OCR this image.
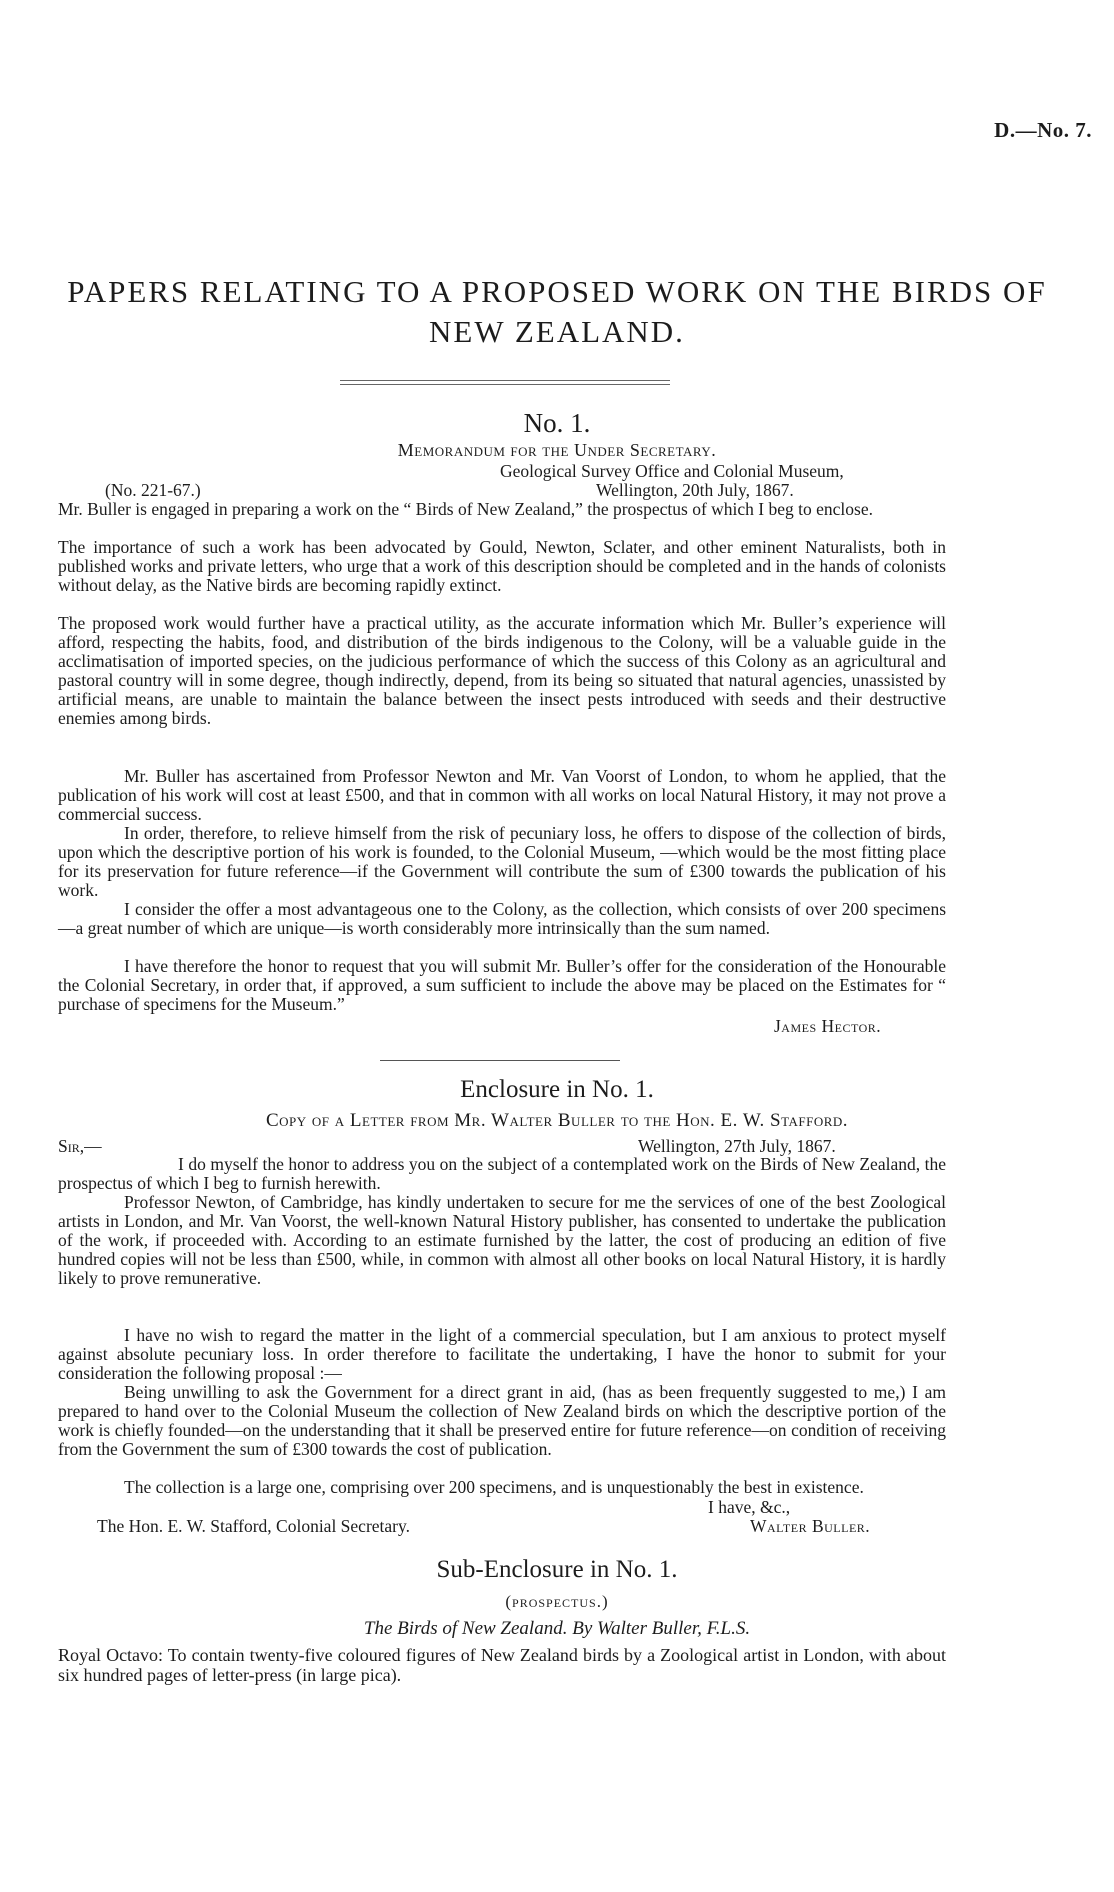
D.—No. 7.
PAPERS RELATING TO A PROPOSED WORK ON THE BIRDS OF
NEW ZEALAND.
No. 1.
Memorandum for the Under Secretary.
Geological Survey Office and Colonial Museum,
(No. 221-67.)	Wellington, 20th July, 1867.
Mr. Buller is engaged in preparing a work on the “ Birds of New Zealand,” the prospectus of which I beg to enclose.
The importance of such a work has been advocated by Gould, Newton, Sclater, and other eminent Naturalists, both in published works and private letters, who urge that a work of this description should be completed and in the hands of colonists without delay, as the Native birds are becoming rapidly extinct.
The proposed work would further have a practical utility, as the accurate information which Mr. Buller’s experience will afford, respecting the habits, food, and distribution of the birds indigenous to the Colony, will be a valuable guide in the acclimatisation of imported species, on the judicious performance of which the success of this Colony as an agricultural and pastoral country will in some degree, though indirectly, depend, from its being so situated that natural agencies, unassisted by artificial means, are unable to maintain the balance between the insect pests introduced with seeds and their destructive enemies among birds.
Mr. Buller has ascertained from Professor Newton and Mr. Van Voorst of London, to whom he applied, that the publication of his work will cost at least £500, and that in common with all works on local Natural History, it may not prove a commercial success.
In order, therefore, to relieve himself from the risk of pecuniary loss, he offers to dispose of the collection of birds, upon which the descriptive portion of his work is founded, to the Colonial Museum, —which would be the most fitting place for its preservation for future reference—if the Government will contribute the sum of £300 towards the publication of his work.
I consider the offer a most advantageous one to the Colony, as the collection, which consists of over 200 specimens—a great number of which are unique—is worth considerably more intrinsically than the sum named.
I have therefore the honor to request that you will submit Mr. Buller’s offer for the consideration of the Honourable the Colonial Secretary, in order that, if approved, a sum sufficient to include the above may be placed on the Estimates for “ purchase of specimens for the Museum.”
James Hector.
Enclosure in No. 1.
Copy of a Letter from Mr. Walter Buller to the Hon. E. W. Stafford.
Sir,—	Wellington, 27th July, 1867.
I do myself the honor to address you on the subject of a contemplated work on the Birds of New Zealand, the prospectus of which I beg to furnish herewith.
Professor Newton, of Cambridge, has kindly undertaken to secure for me the services of one of the best Zoological artists in London, and Mr. Van Voorst, the well-known Natural History publisher, has consented to undertake the publication of the work, if proceeded with. According to an estimate furnished by the latter, the cost of producing an edition of five hundred copies will not be less than £500, while, in common with almost all other books on local Natural History, it is hardly likely to prove remunerative.
I have no wish to regard the matter in the light of a commercial speculation, but I am anxious to protect myself against absolute pecuniary loss. In order therefore to facilitate the undertaking, I have the honor to submit for your consideration the following proposal :—
Being unwilling to ask the Government for a direct grant in aid, (has as been frequently suggested to me,) I am prepared to hand over to the Colonial Museum the collection of New Zealand birds on which the descriptive portion of the work is chiefly founded—on the understanding that it shall be preserved entire for future reference—on condition of receiving from the Government the sum of £300 towards the cost of publication.
The collection is a large one, comprising over 200 specimens, and is unquestionably the best in existence.
I have, &c.,
The Hon. E. W. Stafford, Colonial Secretary.	Walter Buller.
Sub-Enclosure in No. 1.
(prospectus.)
The Birds of New Zealand. By Walter Buller, F.L.S.
Royal Octavo: To contain twenty-five coloured figures of New Zealand birds by a Zoological artist in London, with about six hundred pages of letter-press (in large pica).
